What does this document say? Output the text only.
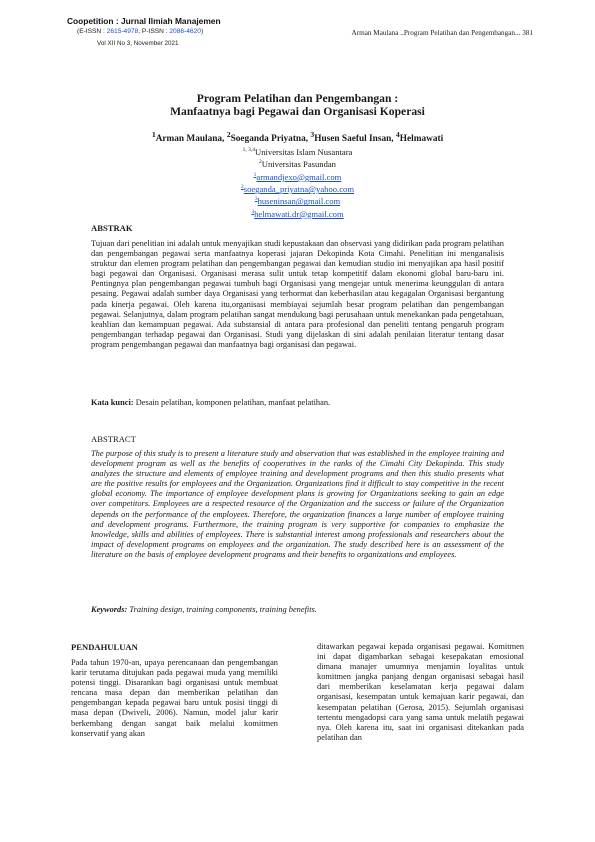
Coopetition : Jurnal Ilmiah Manajemen
(E-ISSN : 2615-4978, P-ISSN : 2086-4620)
Vol XII No 3, November 2021
Arman Maulana ..Program Pelatihan dan Pengembangan... 381
Program Pelatihan dan Pengembangan :
Manfaatnya bagi Pegawai dan Organisasi Koperasi
$^1$Arman Maulana, $^2$Soeganda Priyatna, $^3$Husen Saeful Insan, $^4$Helmawati
$^{1, 3,4}$Universitas Islam Nusantara
$^2$Universitas Pasundan
$^1$armandjexo@gmail.com
$^2$soeganda_priyatna@yahoo.com
$^3$huseninsan@gmail.com
$^3$helmawati.dr@gmail.com
ABSTRAK
Tujuan dari penelitian ini adalah untuk menyajikan studi kepustakaan dan observasi yang didirikan pada program pelatihan dan pengembangan pegawai serta manfaatnya koperasi jajaran Dekopinda Kota Cimahi. Penelitian ini menganalisis struktur dan elemen program pelatihan dan pengembangan pegawai dan kemudian studio ini menyajikan apa hasil positif bagi pegawai dan Organisasi. Organisasi merasa sulit untuk tetap kompetitif dalam ekonomi global baru-baru ini. Pentingnya plan pengembangan pegawai tumbuh bagi Organisasi yang mengejar untuk menerima keunggulan di antara pesaing. Pegawai adalah sumber daya Organisasi yang terhormat dan keberhasilan atau kegagalan Organisasi bergantung pada kinerja pegawai. Oleh karena itu,organisasi membiayai sejumlah besar program pelatihan dan pengembangan pegawai. Selanjutnya, dalam program pelatihan sangat mendukung bagi perusahaan untuk menekankan pada pengetahuan, keahlian dan kemampuan pegawai. Ada substansial di antara para profesional dan peneliti tentang pengaruh program pengembangan terhadap pegawai dan Organisasi. Studi yang dijelaskan di sini adalah penilaian literatur tentang dasar program pengembangan pegawai dan manfaatnya bagi organisasi dan pegawai.
Kata kunci: Desain pelatihan, komponen pelatihan, manfaat pelatihan.
ABSTRACT
The purpose of this study is to present a literature study and observation that was established in the employee training and development program as well as the benefits of cooperatives in the ranks of the Cimahi City Dekopinda. This study analyzes the structure and elements of employee training and development programs and then this studio presents what are the positive results for employees and the Organization. Organizations find it difficult to stay competitive in the recent global economy. The importance of employee development plans is growing for Organizations seeking to gain an edge over competitors. Employees are a respected resource of the Organization and the success or failure of the Organization depends on the performance of the employees. Therefore, the organization finances a large number of employee training and development programs. Furthermore, the training program is very supportive for companies to emphasize the knowledge, skills and abilities of employees. There is substantial interest among professionals and researchers about the impact of development programs on employees and the organization. The study described here is an assessment of the literature on the basis of employee development programs and their benefits to organizations and employees.
Keywords: Training design, training components, training benefits.
PENDAHULUAN
Pada tahun 1970-an, upaya perencanaan dan pengembangan karir terutama ditujukan pada pegawai muda yang memiliki potensi tinggi. Disarankan bagi organisasi untuk membuat rencana masa depan dan memberikan pelatihan dan pengembangan kepada pegawai baru untuk posisi tinggi di masa depan (Dwiveli, 2006). Namun, model jalur karir berkembang dengan sangat baik melalui komitmen konservatif yang akan
ditawarkan pegawai kepada organisasi pegawai. Komitmen ini dapat digambarkan sebagai kesepakatan emosional dimana manajer umumnya menjamin loyalitas untuk komitmen jangka panjang dengan organisasi sebagai hasil dari memberikan keselamatan kerja pegawai dalam organisasi, kesempatan untuk kemajuan karir pegawai, dan kesempatan pelatihan (Gerosa, 2015). Sejumlah organisasi tertentu mengadopsi cara yang sama untuk melatih pegawai nya. Oleh karena itu, saat ini organisasi ditekankan pada pelatihan dan
